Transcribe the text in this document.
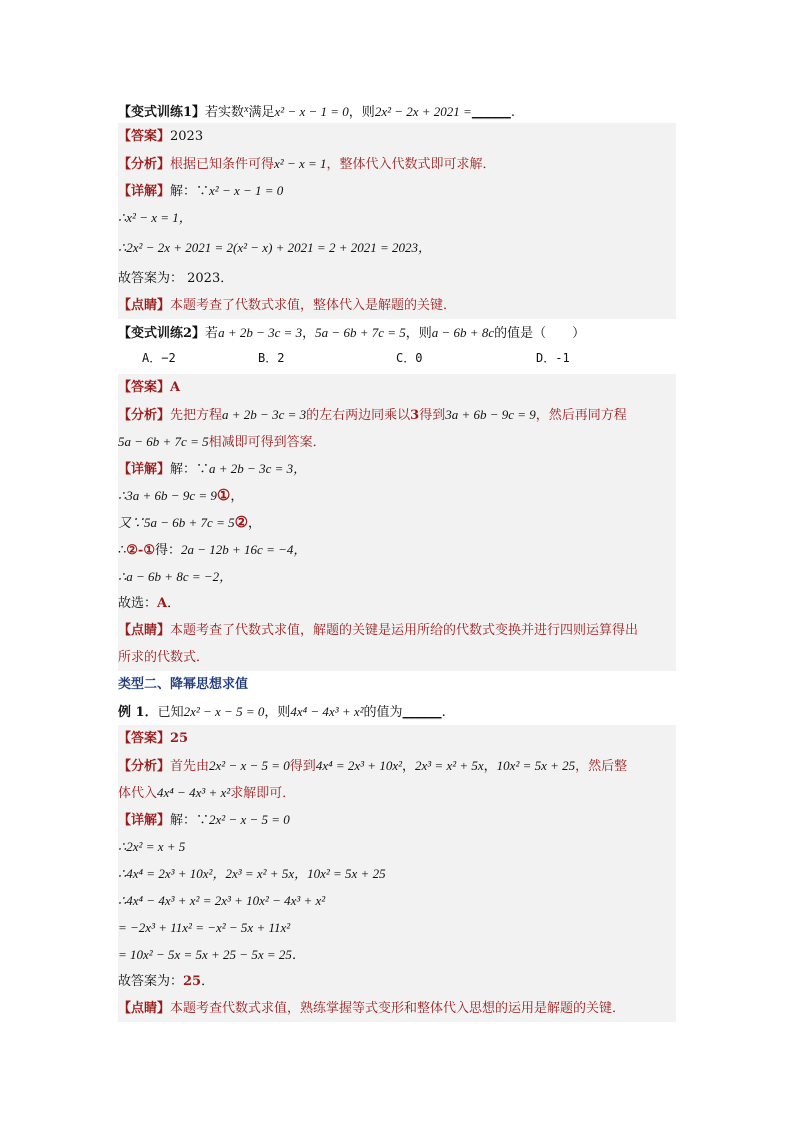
【变式训练1】若实数$^x$满足x² − x − 1 = 0，则2x² − 2x + 2021 =______.
【答案】2023
【分析】根据已知条件可得x² − x = 1，整体代入代数式即可求解．
【详解】解：∵x² − x − 1 = 0
∴x² − x = 1，
∴2x² − 2x + 2021 = 2(x² − x) + 2021 = 2 + 2021 = 2023，
故答案为： 2023．
【点睛】本题考查了代数式求值，整体代入是解题的关键．
【变式训练2】若a + 2b − 3c = 3，5a − 6b + 7c = 5，则a − 6b + 8c的值是（　　）
A．−2	B．2	C．0	D．-1
【答案】A
【分析】先把方程a + 2b − 3c = 3的左右两边同乘以3得到3a + 6b − 9c = 9，然后再同方程
5a − 6b + 7c = 5相减即可得到答案．
【详解】解：∵a + 2b − 3c = 3，
∴3a + 6b − 9c = 9①，
又∵5a − 6b + 7c = 5②，
∴②-①得：2a − 12b + 16c = −4，
∴a − 6b + 8c = −2，
故选：A．
【点睛】本题考查了代数式求值，解题的关键是运用所给的代数式变换并进行四则运算得出
所求的代数式．
类型二、降幂思想求值
例 1．已知2x² − x − 5 = 0，则4x⁴ − 4x³ + x²的值为______.
【答案】25
【分析】首先由2x² − x − 5 = 0得到4x⁴ = 2x³ + 10x²，2x³ = x² + 5x，10x² = 5x + 25，然后整
体代入4x⁴ − 4x³ + x²求解即可．
【详解】解：∵2x² − x − 5 = 0
∴2x² = x + 5
∴4x⁴ = 2x³ + 10x²，2x³ = x² + 5x，10x² = 5x + 25
∴4x⁴ − 4x³ + x² = 2x³ + 10x² − 4x³ + x²
= −2x³ + 11x² = −x² − 5x + 11x²
= 10x² − 5x = 5x + 25 − 5x = 25．
故答案为：25．
【点睛】本题考查代数式求值，熟练掌握等式变形和整体代入思想的运用是解题的关键．
